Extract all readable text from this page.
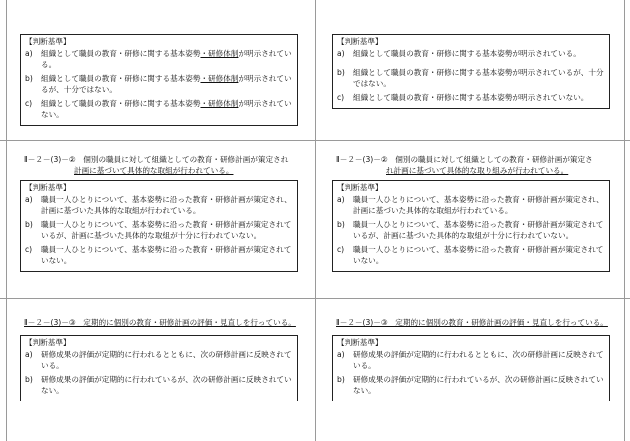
【判断基準】
a)	組織として職員の教育・研修に関する基本姿勢・研修体制が明示されている。
b)	組織として職員の教育・研修に関する基本姿勢・研修体制が明示されているが、十分ではない。
c)	組織として職員の教育・研修に関する基本姿勢・研修体制が明示されていない。
Ⅱ－２－(3)－②　個別の職員に対して組織としての教育・研修計画が策定され
計画に基づいて具体的な取組が行われている。
【判断基準】
a)	職員一人ひとりについて、基本姿勢に沿った教育・研修計画が策定され、計画に基づいた具体的な取組が行われている。
b)	職員一人ひとりについて、基本姿勢に沿った教育・研修計画が策定されているが、計画に基づいた具体的な取組が十分に行われていない。
c)	職員一人ひとりについて、基本姿勢に沿った教育・研修計画が策定されていない。
Ⅱ－２－(3)－③　定期的に個別の教育・研修計画の評価・見直しを行っている。
【判断基準】
a)	研修成果の評価が定期的に行われるとともに、次の研修計画に反映されている。
b)	研修成果の評価が定期的に行われているが、次の研修計画に反映されていない。
【判断基準】
a)	組織として職員の教育・研修に関する基本姿勢が明示されている。
b)	組織として職員の教育・研修に関する基本姿勢が明示されているが、十分ではない。
c)	組織として職員の教育・研修に関する基本姿勢が明示されていない。
Ⅱ－２－(3)－②　個別の職員に対して組織としての教育・研修計画が策定さ
れ計画に基づいて具体的な取り組みが行われている。
【判断基準】
a)	職員一人ひとりについて、基本姿勢に沿った教育・研修計画が策定され、計画に基づいた具体的な取組が行われている。
b)	職員一人ひとりについて、基本姿勢に沿った教育・研修計画が策定されているが、計画に基づいた具体的な取組が十分に行われていない。
c)	職員一人ひとりについて、基本姿勢に沿った教育・研修計画が策定されていない。
Ⅱ－２－(3)－③　定期的に個別の教育・研修計画の評価・見直しを行っている。
【判断基準】
a)	研修成果の評価が定期的に行われるとともに、次の研修計画に反映されている。
b)	研修成果の評価が定期的に行われているが、次の研修計画に反映されていない。
